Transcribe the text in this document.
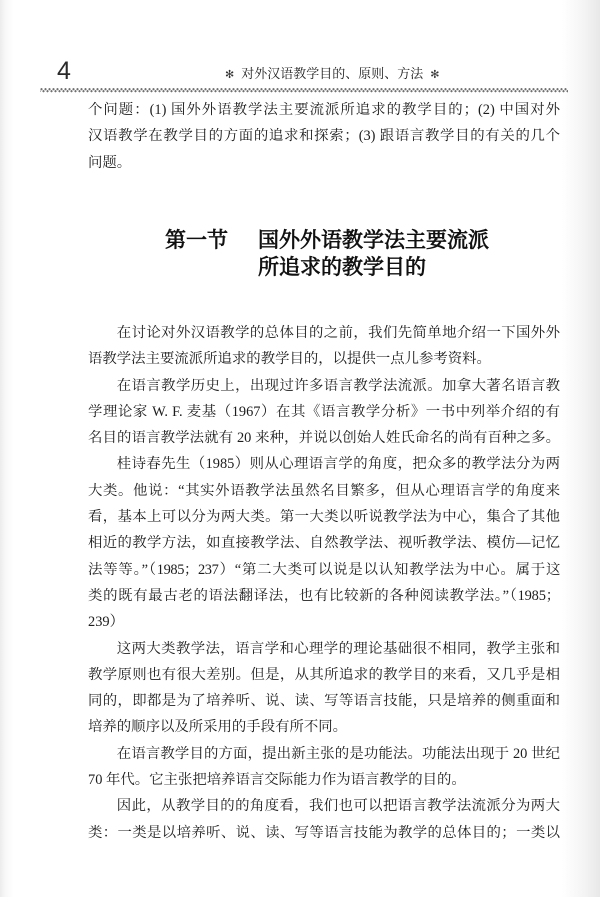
4	✻ 对外汉语教学目的、原则、方法 ✻
个问题：(1) 国外外语教学法主要流派所追求的教学目的；(2) 中国对外
汉语教学在教学目的方面的追求和探索；(3) 跟语言教学目的有关的几个
问题。
第一节 国外外语教学法主要流派
所追求的教学目的
在讨论对外汉语教学的总体目的之前，我们先简单地介绍一下国外外
语教学法主要流派所追求的教学目的，以提供一点儿参考资料。
在语言教学历史上，出现过许多语言教学法流派。加拿大著名语言教
学理论家 W. F. 麦基（1967）在其《语言教学分析》一书中列举介绍的有
名目的语言教学法就有 20 来种，并说以创始人姓氏命名的尚有百种之多。
桂诗春先生（1985）则从心理语言学的角度，把众多的教学法分为两
大类。他说：“其实外语教学法虽然名目繁多，但从心理语言学的角度来
看，基本上可以分为两大类。第一大类以听说教学法为中心，集合了其他
相近的教学方法，如直接教学法、自然教学法、视听教学法、模仿—记忆
法等等。”（1985；237）“第二大类可以说是以认知教学法为中心。属于这
类的既有最古老的语法翻译法，也有比较新的各种阅读教学法。”（1985；
239）
这两大类教学法，语言学和心理学的理论基础很不相同，教学主张和
教学原则也有很大差别。但是，从其所追求的教学目的来看，又几乎是相
同的，即都是为了培养听、说、读、写等语言技能，只是培养的侧重面和
培养的顺序以及所采用的手段有所不同。
在语言教学目的方面，提出新主张的是功能法。功能法出现于 20 世纪
70 年代。它主张把培养语言交际能力作为语言教学的目的。
因此，从教学目的的角度看，我们也可以把语言教学法流派分为两大
类：一类是以培养听、说、读、写等语言技能为教学的总体目的；一类以
